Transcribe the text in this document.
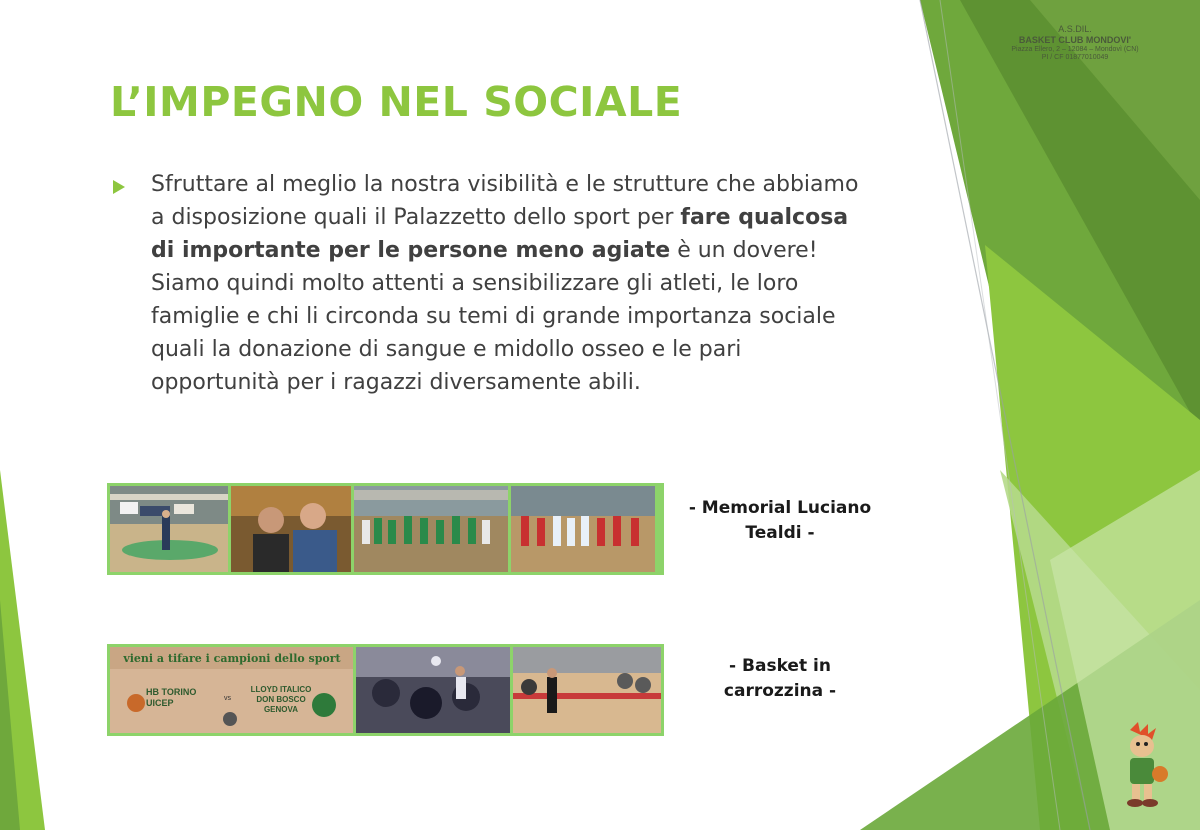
A.S.DIL.
BASKET CLUB MONDOVI'
Piazza Ellero, 2 – 12084 – Mondovì (CN)
PI / CF 01877010049
L’IMPEGNO NEL SOCIALE

Sfruttare al meglio la nostra visibilità e le strutture che abbiamo a disposizione quali il Palazzetto dello sport per fare qualcosa di importante per le persone meno agiate è un dovere! Siamo quindi molto attenti a sensibilizzare gli atleti, le loro famiglie e chi li circonda su temi di grande importanza sociale quali la donazione di sangue e midollo osseo e le pari opportunità per i ragazzi diversamente abili.

- Memorial Luciano Tealdi -
vieni a tifare i campioni dello sport
HB TORINO UICEP	vs
LLOYD ITALICO DON BOSCO GENOVA
- Basket in carrozzina -
